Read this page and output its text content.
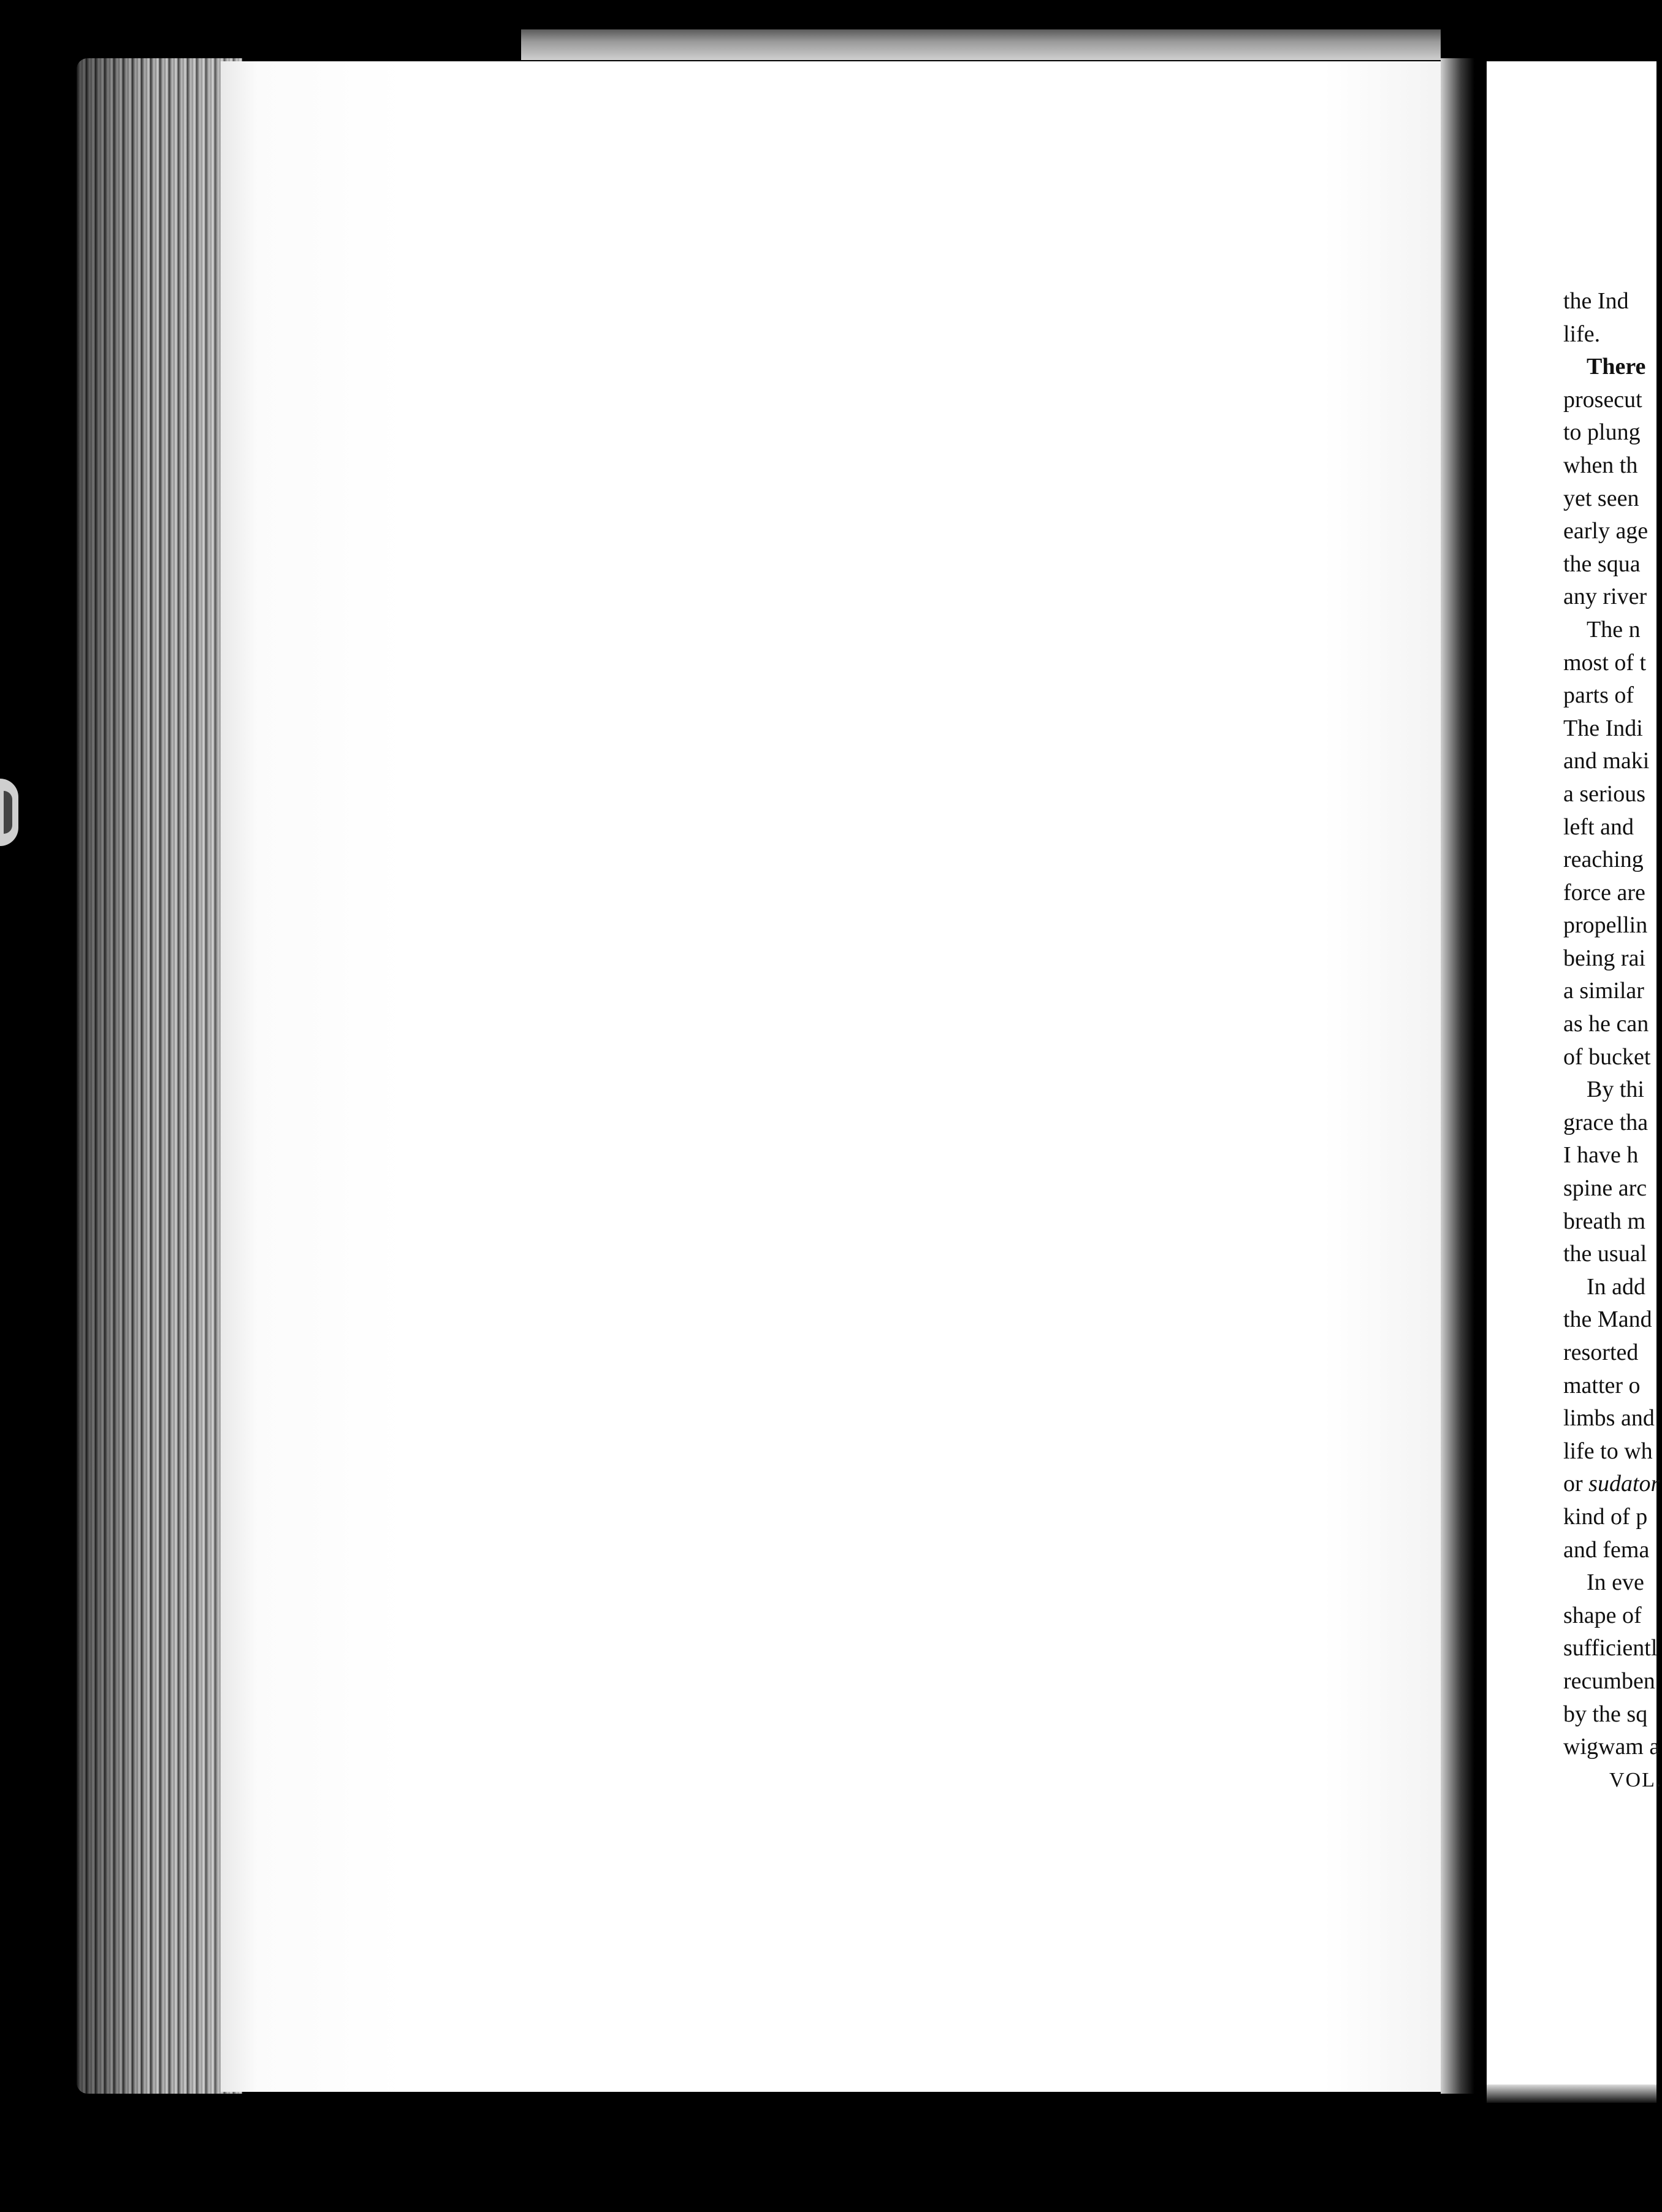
the Ind
life.
There
prosecut
to plung
when th
yet seen
early age
the squa
any river
The n
most of t
parts of
The Indi
and maki
a serious
left and
reaching
force are
propellin
being rai
a similar
as he can
of bucket
By thi
grace tha
I have h
spine arc
breath m
the usual
In add
the Mand
resorted
matter o
limbs and
life to wh
or sudator
kind of p
and fema
In eve
shape of
sufficientl
recumben
by the sq
wigwam a
VOL.
